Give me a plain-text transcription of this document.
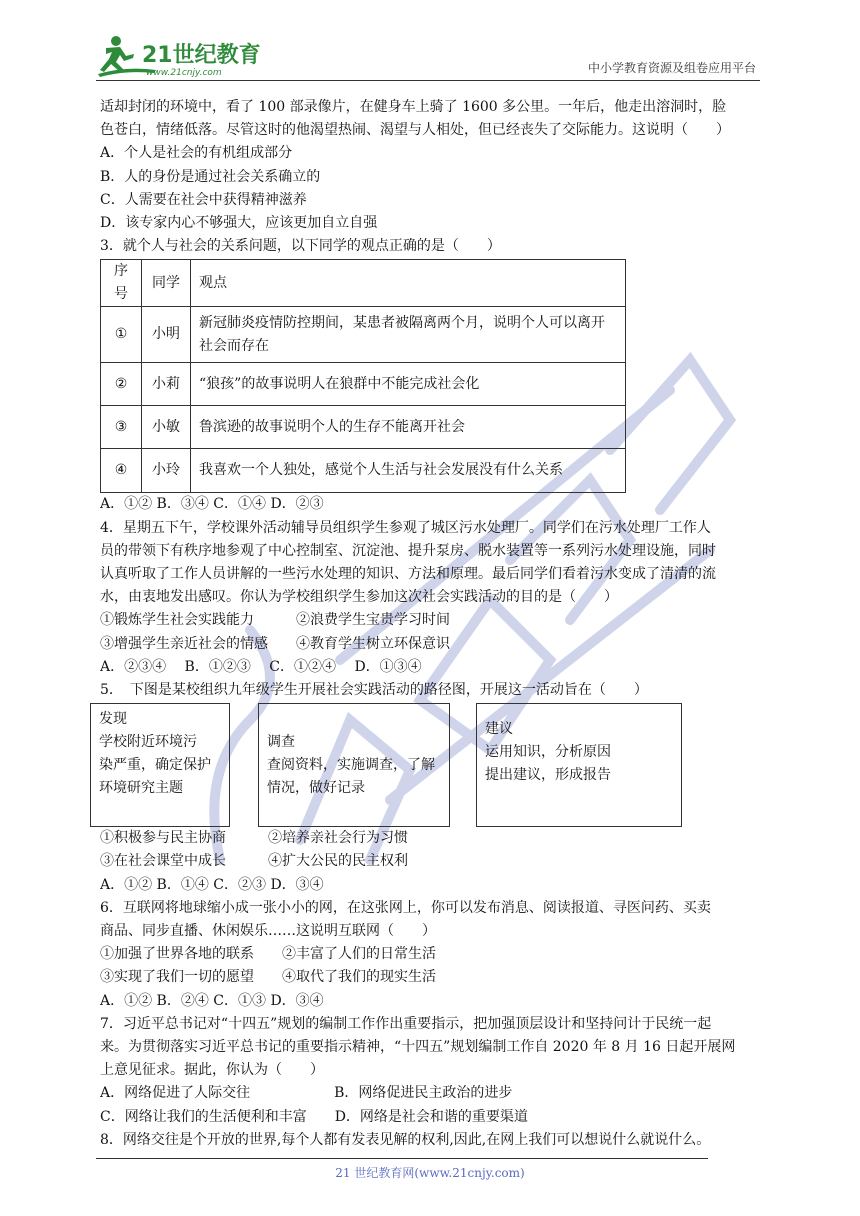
21世纪教育
www.21cnjy.com	中小学教育资源及组卷应用平台
适却封闭的环境中，看了 100 部录像片，在健身车上骑了 1600 多公里。一年后，他走出溶洞时，脸
色苍白，情绪低落。尽管这时的他渴望热闹、渴望与人相处，但已经丧失了交际能力。这说明（　　）
A．个人是社会的有机组成部分
B．人的身份是通过社会关系确立的
C．人需要在社会中获得精神滋养
D．该专家内心不够强大，应该更加自立自强
3．就个人与社会的关系问题，以下同学的观点正确的是（　　）
序号	同学	观点
①	小明	新冠肺炎疫情防控期间，某患者被隔离两个月，说明个人可以离开社会而存在
②	小莉	“狼孩”的故事说明人在狼群中不能完成社会化
③	小敏	鲁滨逊的故事说明个人的生存不能离开社会
④	小玲	我喜欢一个人独处，感觉个人生活与社会发展没有什么关系
A．①② B．③④ C．①④ D．②③
4．星期五下午，学校课外活动辅导员组织学生参观了城区污水处理厂。同学们在污水处理厂工作人
员的带领下有秩序地参观了中心控制室、沉淀池、提升泵房、脱水装置等一系列污水处理设施，同时
认真听取了工作人员讲解的一些污水处理的知识、方法和原理。最后同学们看着污水变成了清清的流
水，由衷地发出感叹。你认为学校组织学生参加这次社会实践活动的目的是（　　）
①锻炼学生社会实践能力　　　②浪费学生宝贵学习时间
③增强学生亲近社会的情感　　④教育学生树立环保意识
A．②③④　 B．①②③　 C．①②④　 D．①③④
5．　下图是某校组织九年级学生开展社会实践活动的路径图，开展这一活动旨在（　　）
发现
学校附近环境污
染严重，确定保护
环境研究主题
调查
查阅资料，实施调查，了解
情况，做好记录
建议
运用知识，分析原因
提出建议，形成报告
①积极参与民主协商　　　②培养亲社会行为习惯
③在社会课堂中成长　　　④扩大公民的民主权利
A．①② B．①④ C．②③ D．③④
6．互联网将地球缩小成一张小小的网，在这张网上，你可以发布消息、阅读报道、寻医问药、买卖
商品、同步直播、休闲娱乐……这说明互联网（　　）
①加强了世界各地的联系　　②丰富了人们的日常生活
③实现了我们一切的愿望　　④取代了我们的现实生活
A．①② B．②④ C．①③ D．③④
7．习近平总书记对“十四五”规划的编制工作作出重要指示，把加强顶层设计和坚持问计于民统一起
来。为贯彻落实习近平总书记的重要指示精神，“十四五”规划编制工作自 2020 年 8 月 16 日起开展网
上意见征求。据此，你认为（　　）
A．网络促进了人际交往　　　　　　B．网络促进民主政治的进步
C．网络让我们的生活便利和丰富　　D．网络是社会和谐的重要渠道
8．网络交往是个开放的世界,每个人都有发表见解的权利,因此,在网上我们可以想说什么就说什么。
21 世纪教育网(www.21cnjy.com)
